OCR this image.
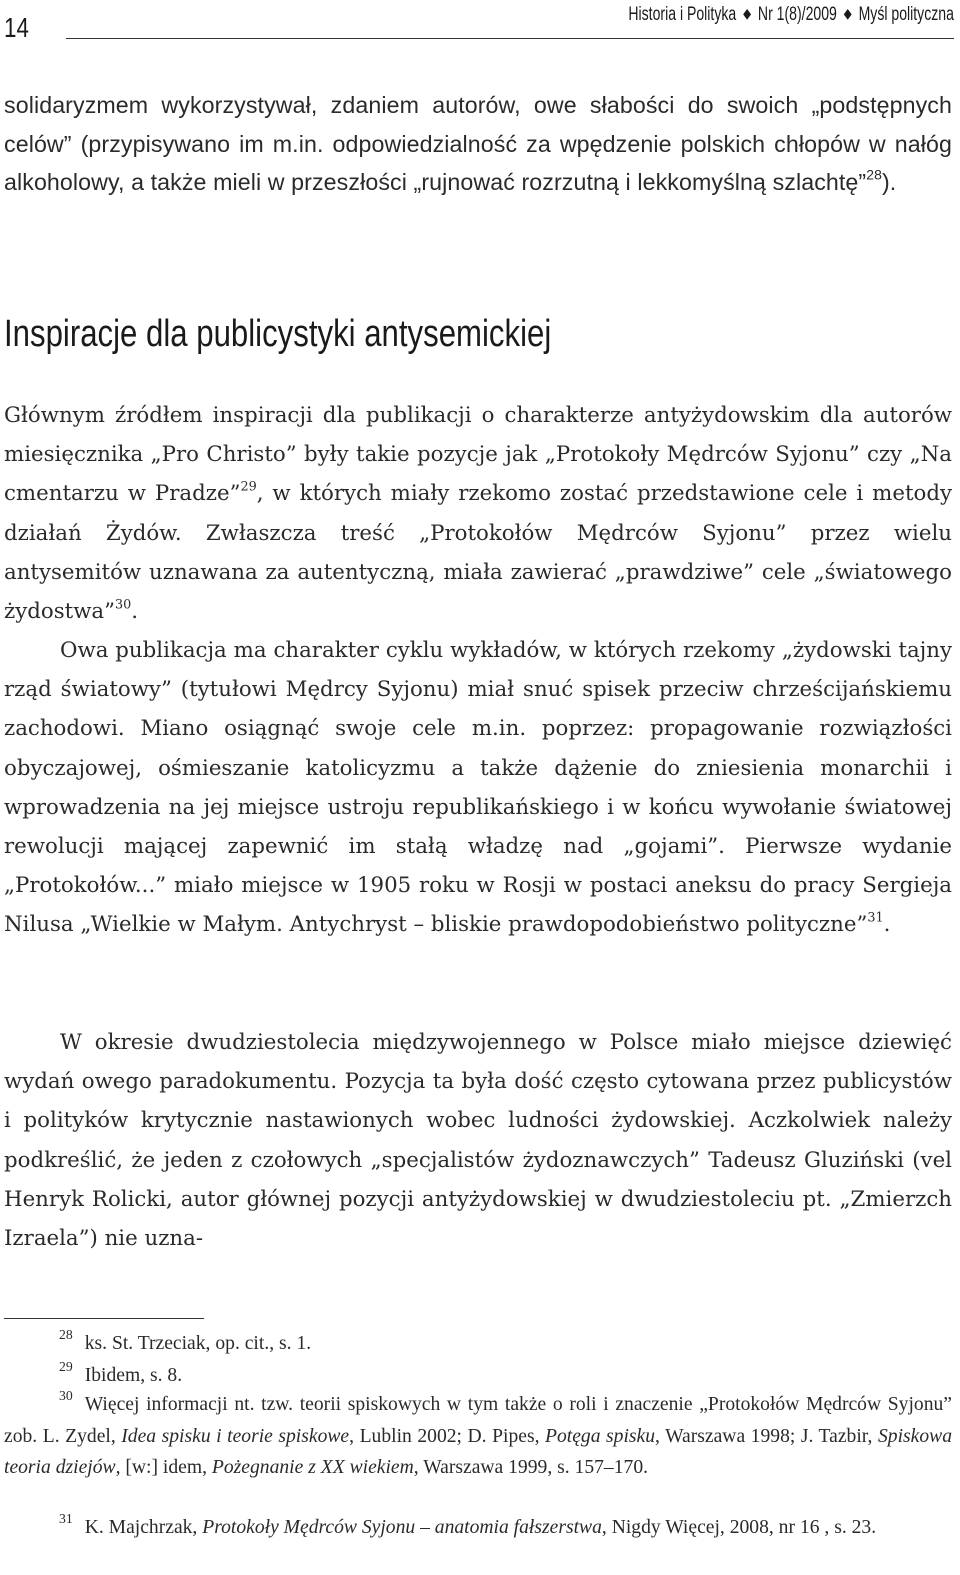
14	Historia i Polityka ◆ Nr 1(8)/2009 ◆ Myśl polityczna

solidaryzmem wykorzystywał, zdaniem autorów, owe słabości do swoich „podstępnych celów” (przypisywano im m.in. odpowiedzialność za wpędzenie polskich chłopów w nałóg alkoholowy, a także mieli w przeszłości „rujnować rozrzutną i lekkomyślną szlachtę”$^{28}$).

Inspiracje dla publicystyki antysemickiej

Głównym źródłem inspiracji dla publikacji o charakterze antyżydowskim dla autorów miesięcznika „Pro Christo” były takie pozycje jak „Protokoły Mędrców Syjonu” czy „Na cmentarzu w Pradze”$^{29}$, w których miały rzekomo zostać przedstawione cele i metody działań Żydów. Zwłaszcza treść „Protokołów Mędrców Syjonu” przez wielu antysemitów uznawana za autentyczną, miała zawierać „prawdziwe” cele „światowego żydostwa”$^{30}$.

Owa publikacja ma charakter cyklu wykładów, w których rzekomy „żydowski tajny rząd światowy” (tytułowi Mędrcy Syjonu) miał snuć spisek przeciw chrześcijańskiemu zachodowi. Miano osiągnąć swoje cele m.in. poprzez: propagowanie rozwiązłości obyczajowej, ośmieszanie katolicyzmu a także dążenie do zniesienia monarchii i wprowadzenia na jej miejsce ustroju republikańskiego i w końcu wywołanie światowej rewolucji mającej zapewnić im stałą władzę nad „gojami”. Pierwsze wydanie „Protokołów...” miało miejsce w 1905 roku w Rosji w postaci aneksu do pracy Sergieja Nilusa „Wielkie w Małym. Antychryst – bliskie prawdopodobieństwo polityczne”$^{31}$.

W okresie dwudziestolecia międzywojennego w Polsce miało miejsce dziewięć wydań owego paradokumentu. Pozycja ta była dość często cytowana przez publicystów i polityków krytycznie nastawionych wobec ludności żydowskiej. Aczkolwiek należy podkreślić, że jeden z czołowych „specjalistów żydoznawczych” Tadeusz Gluziński (vel Henryk Rolicki, autor głównej pozycji antyżydowskiej w dwudziestoleciu pt. „Zmierzch Izraela”) nie uzna-

$^{28}$ ks. St. Trzeciak, op. cit., s. 1.

$^{29}$ Ibidem, s. 8.

$^{30}$ Więcej informacji nt. tzw. teorii spiskowych w tym także o roli i znaczenie „Protokołów Mędrców Syjonu” zob. L. Zydel, Idea spisku i teorie spiskowe, Lublin 2002; D. Pipes, Potęga spisku, Warszawa 1998; J. Tazbir, Spiskowa teoria dziejów, [w:] idem, Pożegnanie z XX wiekiem, Warszawa 1999, s. 157–170.

$^{31}$ K. Majchrzak, Protokoły Mędrców Syjonu – anatomia fałszerstwa, Nigdy Więcej, 2008, nr 16 , s. 23.
